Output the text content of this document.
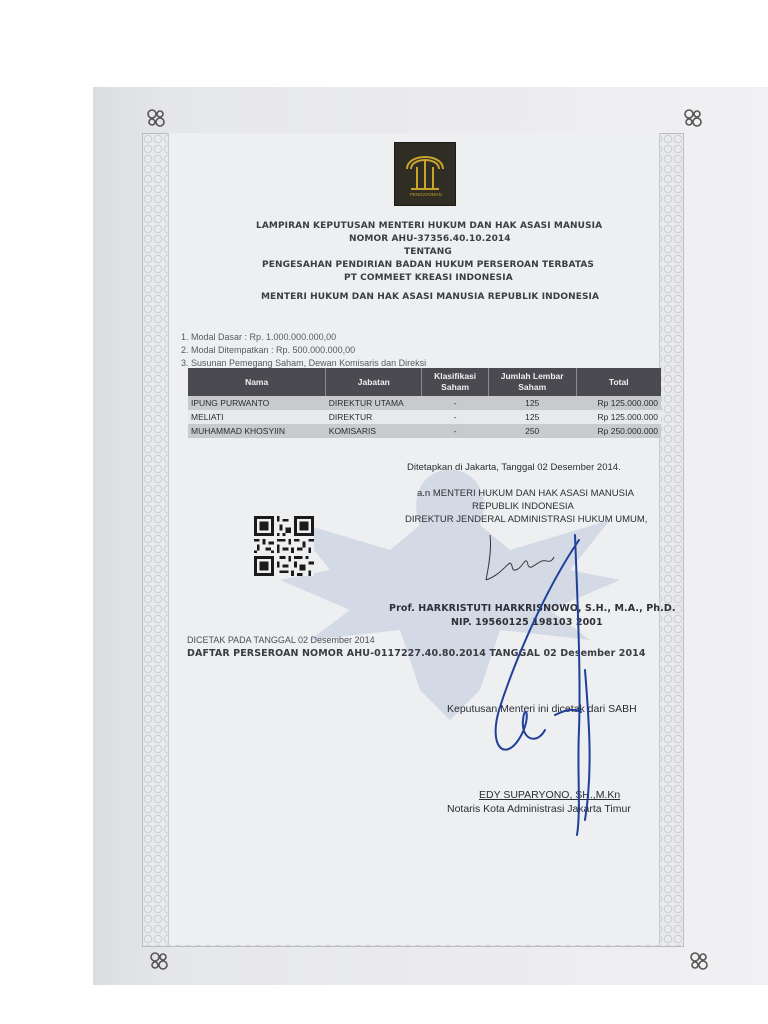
PENGAYOMAN
LAMPIRAN KEPUTUSAN MENTERI HUKUM DAN HAK ASASI MANUSIA
NOMOR AHU-37356.40.10.2014
TENTANG
PENGESAHAN PENDIRIAN BADAN HUKUM PERSEROAN TERBATAS
PT COMMEET KREASI INDONESIA
MENTERI HUKUM DAN HAK ASASI MANUSIA REPUBLIK INDONESIA
1. Modal Dasar : Rp. 1.000.000.000,00
2. Modal Ditempatkan : Rp. 500.000.000,00
3. Susunan Pemegang Saham, Dewan Komisaris dan Direksi
Nama	Jabatan	Klasifikasi Saham	Jumlah Lembar Saham	Total
IPUNG PURWANTO	DIREKTUR UTAMA	-	125	Rp 125.000.000
MELIATI	DIREKTUR	-	125	Rp 125.000.000
MUHAMMAD KHOSYIIN	KOMISARIS	-	250	Rp 250.000.000
Ditetapkan di Jakarta, Tanggal 02 Desember 2014.
a.n MENTERI HUKUM DAN HAK ASASI MANUSIA
REPUBLIK INDONESIA
DIREKTUR JENDERAL ADMINISTRASI HUKUM UMUM,
Prof. HARKRISTUTI HARKRISNOWO, S.H., M.A., Ph.D.
NIP. 19560125 198103 2001
DICETAK PADA TANGGAL 02 Desember 2014
DAFTAR PERSEROAN NOMOR AHU-0117227.40.80.2014 TANGGAL 02 Desember 2014
Keputusan Menteri ini dicetak dari SABH
EDY SUPARYONO, SH.,M.Kn
Notaris Kota Administrasi Jakarta Timur
